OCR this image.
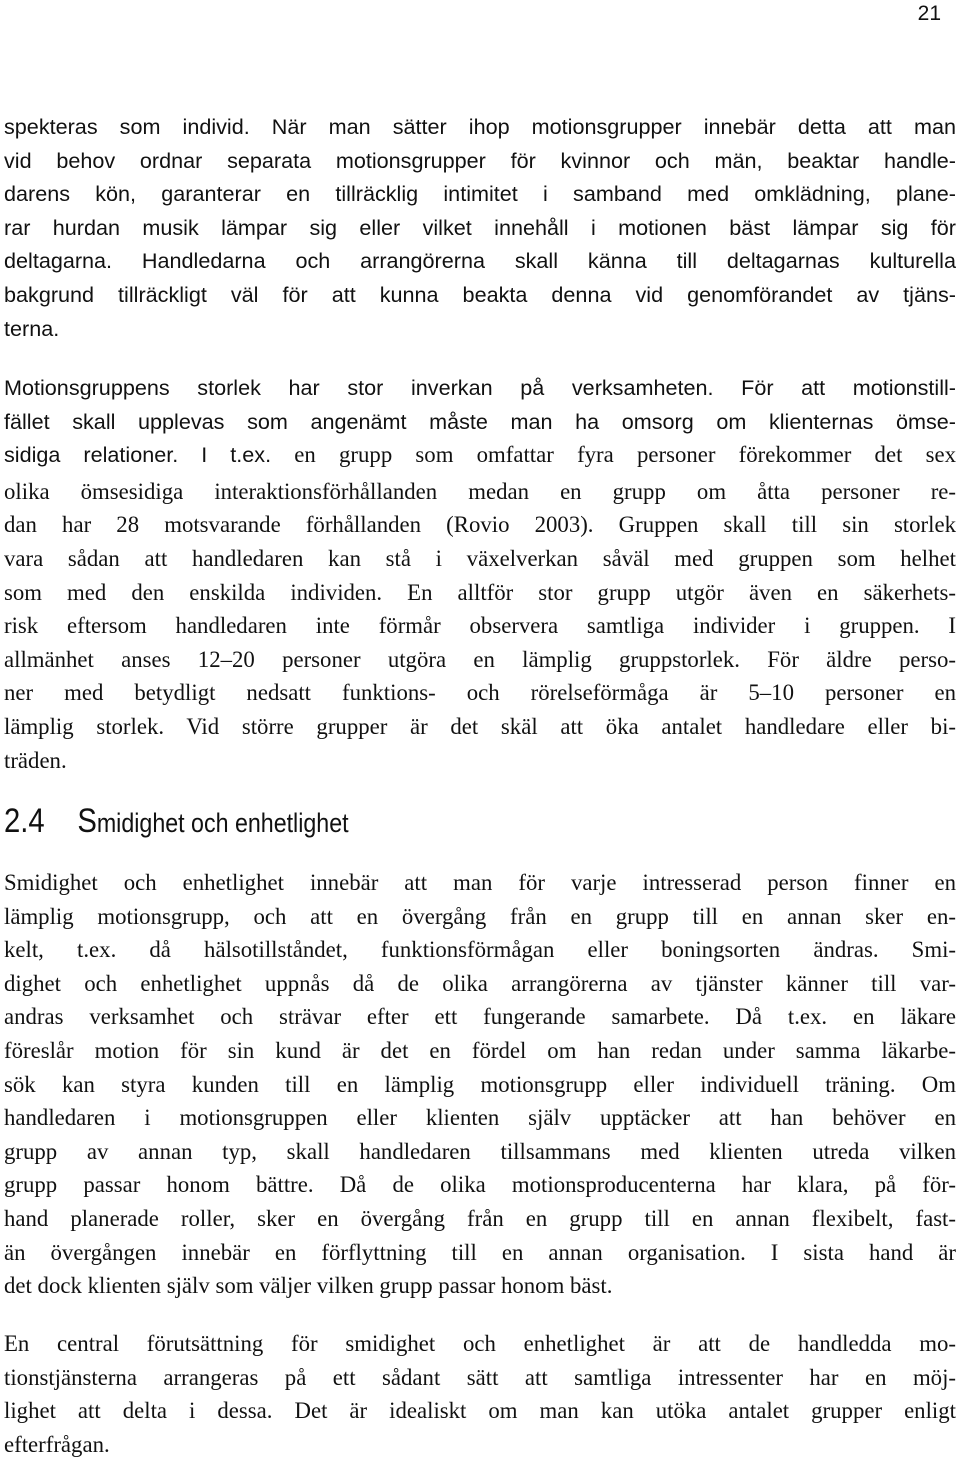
21
spekteras som individ. När man sätter ihop motionsgrupper innebär detta att man
vid behov ordnar separata motionsgrupper för kvinnor och män, beaktar handle-
darens kön, garanterar en tillräcklig intimitet i samband med omklädning, plane-
rar hurdan musik lämpar sig eller vilket innehåll i motionen bäst lämpar sig för
deltagarna. Handledarna och arrangörerna skall känna till deltagarnas kulturella
bakgrund tillräckligt väl för att kunna beakta denna vid genomförandet av tjäns-
terna.
Motionsgruppens storlek har stor inverkan på verksamheten. För att motionstill-
fället skall upplevas som angenämt måste man ha omsorg om klienternas ömse-
sidiga relationer. I t.ex. en grupp som omfattar fyra personer förekommer det sex
olika ömsesidiga interaktionsförhållanden medan en grupp om åtta personer re-
dan har 28 motsvarande förhållanden (Rovio 2003). Gruppen skall till sin storlek
vara sådan att handledaren kan stå i växelverkan såväl med gruppen som helhet
som med den enskilda individen. En alltför stor grupp utgör även en säkerhets-
risk eftersom handledaren inte förmår observera samtliga individer i gruppen. I
allmänhet anses 12–20 personer utgöra en lämplig gruppstorlek. För äldre perso-
ner med betydligt nedsatt funktions- och rörelseförmåga är 5–10 personer en
lämplig storlek. Vid större grupper är det skäl att öka antalet handledare eller bi-
träden.
2.4 Smidighet och enhetlighet
Smidighet och enhetlighet innebär att man för varje intresserad person finner en
lämplig motionsgrupp, och att en övergång från en grupp till en annan sker en-
kelt, t.ex. då hälsotillståndet, funktionsförmågan eller boningsorten ändras. Smi-
dighet och enhetlighet uppnås då de olika arrangörerna av tjänster känner till var-
andras verksamhet och strävar efter ett fungerande samarbete. Då t.ex. en läkare
föreslår motion för sin kund är det en fördel om han redan under samma läkarbe-
sök kan styra kunden till en lämplig motionsgrupp eller individuell träning. Om
handledaren i motionsgruppen eller klienten själv upptäcker att han behöver en
grupp av annan typ, skall handledaren tillsammans med klienten utreda vilken
grupp passar honom bättre. Då de olika motionsproducenterna har klara, på för-
hand planerade roller, sker en övergång från en grupp till en annan flexibelt, fast-
än övergången innebär en förflyttning till en annan organisation. I sista hand är
det dock klienten själv som väljer vilken grupp passar honom bäst.
En central förutsättning för smidighet och enhetlighet är att de handledda mo-
tionstjänsterna arrangeras på ett sådant sätt att samtliga intressenter har en möj-
lighet att delta i dessa. Det är idealiskt om man kan utöka antalet grupper enligt
efterfrågan.
